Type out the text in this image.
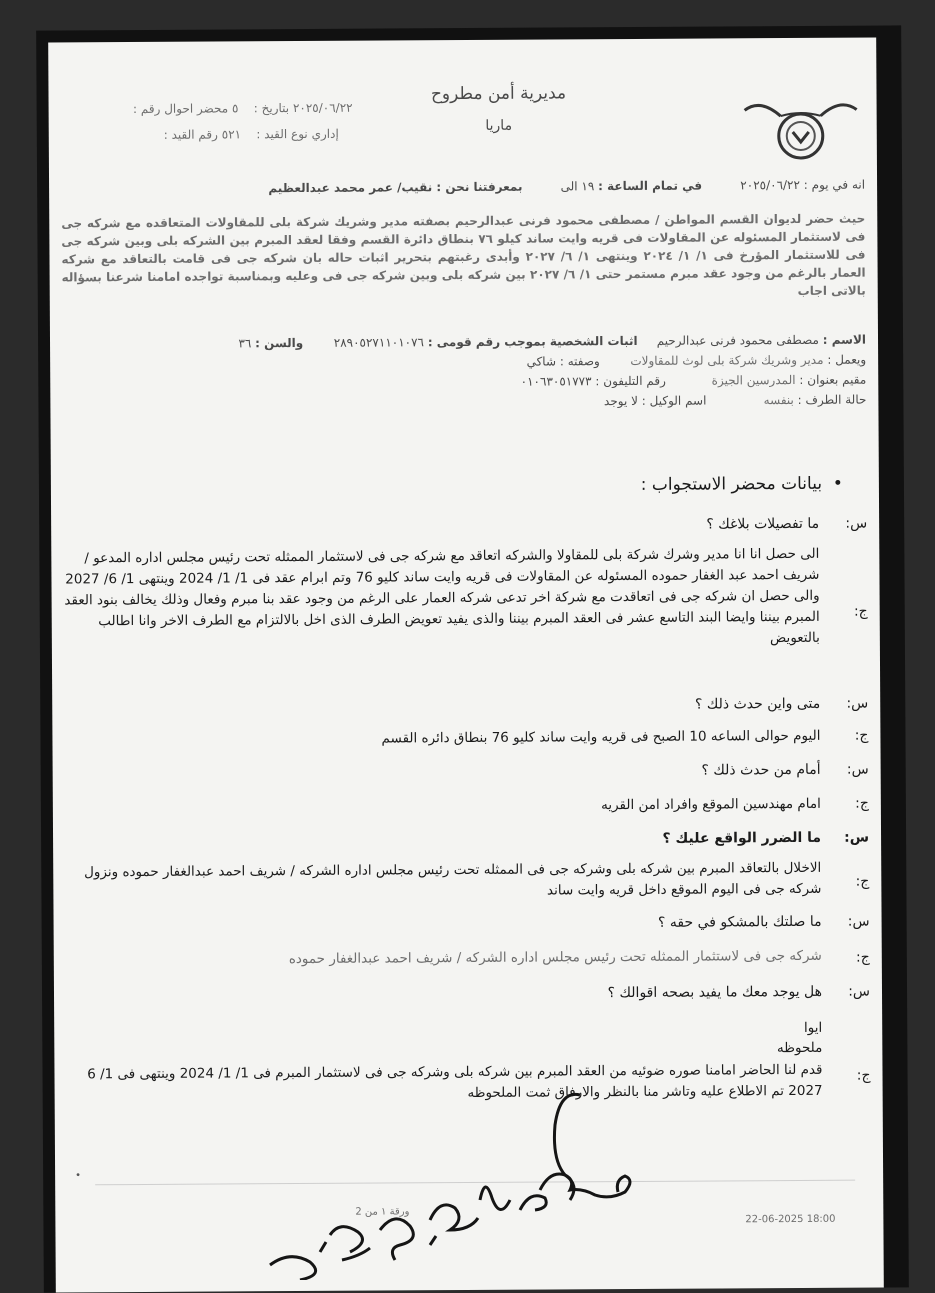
مديرية أمن مطروح
ماريا
٢٠٢٥/٠٦/٢٢ بتاريخ :    ٥ محضر احوال رقم :
إداري نوع القيد :    ٥٢١ رقم القيد :
انه في يوم : ٢٠٢٥/٠٦/٢٢          في تمام الساعة : ١٩ الى          بمعرفتنا نحن : نقيب/ عمر محمد عبدالعظيم
حيث حضر لديوان القسم المواطن / مصطفى محمود فرنى عبدالرحيم بصفته مدير وشريك شركة بلى للمقاولات المتعاقده مع شركه جى فى لاستثمار المسئوله عن المقاولات فى قريه وايت ساند كيلو ٧٦ بنطاق دائرة القسم وفقا لعقد المبرم بين الشركه بلى وبين شركه جى فى للاستثمار المؤرخ فى ١/ ١/ ٢٠٢٤ وينتهى ١/ ٦/ ٢٠٢٧ وأبدى رغبتهم بتحرير اثبات حاله بان شركه جى فى قامت بالتعاقد مع شركه العمار بالرغم من وجود عقد مبرم مستمر حتى ١/ ٦/ ٢٠٢٧ بين شركه بلى وبين شركه جى فى وعليه وبمناسبة تواجده امامنا شرعنا بسؤاله بالاتى اجاب
الاسم : مصطفى محمود فرنى عبدالرحيم     اثبات الشخصية بموجب رقم قومى : ٢٨٩٠٥٢٧١١٠١٠٧٦        والسن : ٣٦
ويعمل : مدير وشريك شركة بلى لوث للمقاولات        وصفته : شاكي
مقيم بعنوان : المدرسين الجيزة            رقم التليفون : ٠١٠٦٣٠٥١٧٧٣
حالة الطرف : بنفسه               اسم الوكيل : لا يوجد
•  بيانات محضر الاستجواب :
س:
ما تفصيلات بلاغك ؟
ج:
الى حصل انا انا مدير وشرك شركة بلى للمقاولا والشركه اتعاقد مع شركه جى فى لاستثمار الممثله تحت رئيس مجلس اداره المدعو / شريف احمد عبد الغفار حموده المسئوله عن المقاولات فى قريه وايت ساند كليو 76 وتم ابرام عقد فى 1/ 1/ 2024 وينتهى 1/ 6/ 2027 والى حصل ان شركه جى فى اتعاقدت مع شركة اخر تدعى شركه العمار على الرغم من وجود عقد بنا مبرم وفعال وذلك يخالف بنود العقد المبرم بيننا وايضا البند التاسع عشر فى العقد المبرم بيننا والذى يفيد تعويض الطرف الذى اخل بالالتزام مع الطرف الاخر وانا اطالب بالتعويض
س:
متى واين حدث ذلك ؟
ج:
اليوم حوالى الساعه 10 الصبح فى قريه وايت ساند كليو 76 بنطاق دائره القسم
س:
أمام من حدث ذلك ؟
ج:
امام مهندسين الموقع وافراد امن القريه
س:
ما الضرر الواقع عليك ؟
ج:
الاخلال بالتعاقد المبرم بين شركه بلى وشركه جى فى الممثله تحت رئيس مجلس اداره الشركه / شريف احمد عبدالغفار حموده ونزول شركه جى فى اليوم الموقع داخل قريه وايت ساند
س:
ما صلتك بالمشكو في حقه ؟
ج:
شركه جى فى لاستثمار الممثله تحت رئيس مجلس اداره الشركه / شريف احمد عبدالغفار حموده
س:
هل يوجد معك ما يفيد بصحه اقوالك ؟
ايوا
ملحوظه
ج:
قدم لنا الحاضر امامنا صوره ضوئيه من العقد المبرم بين شركه بلى وشركه جى فى لاستثمار المبرم فى 1/ 1/ 2024 وينتهى فى 1/ 6 2027 تم الاطلاع عليه وتاشر منا بالنظر والارفاق ثمت الملحوظه
ورقة ١ من 2
22-06-2025 18:00
•
